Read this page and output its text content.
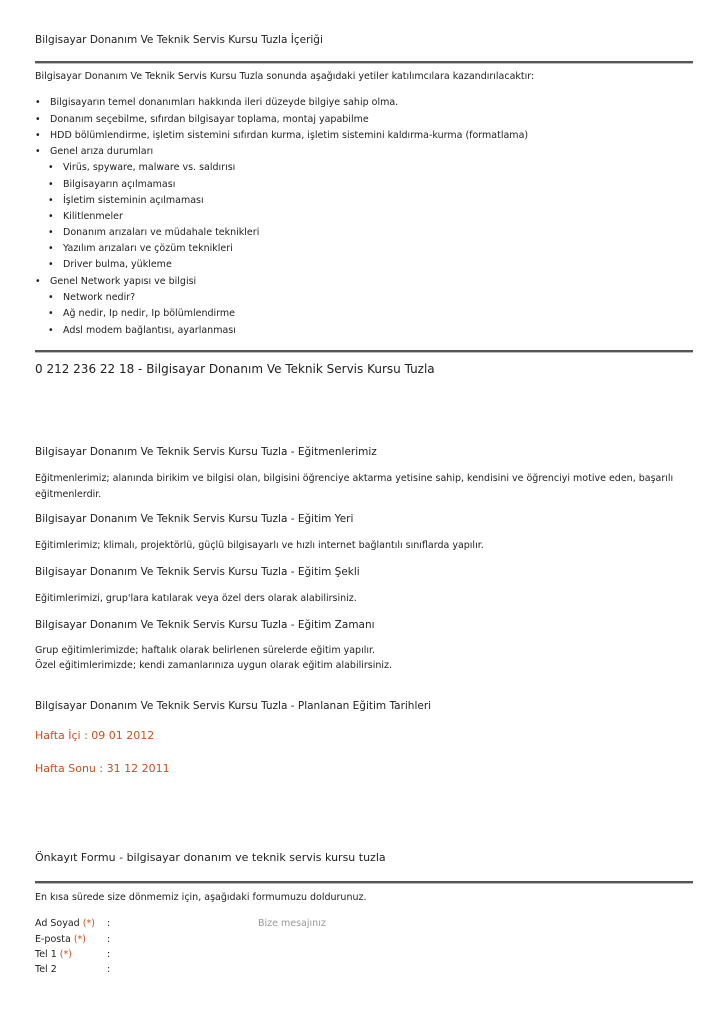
Bilgisayar Donanım Ve Teknik Servis Kursu Tuzla İçeriği
Bilgisayar Donanım Ve Teknik Servis Kursu Tuzla sonunda aşağıdaki yetiler katılımcılara kazandırılacaktır:
• Bilgisayarın temel donanımları hakkında ileri düzeyde bilgiye sahip olma.
• Donanım seçebilme, sıfırdan bilgisayar toplama, montaj yapabilme
• HDD bölümlendirme, işletim sistemini sıfırdan kurma, işletim sistemini kaldırma-kurma (formatlama)
• Genel arıza durumları
• Virüs, spyware, malware vs. saldırısı
• Bilgisayarın açılmaması
• İşletim sisteminin açılmaması
• Kilitlenmeler
• Donanım arızaları ve müdahale teknikleri
• Yazılım arızaları ve çözüm teknikleri
• Driver bulma, yükleme
• Genel Network yapısı ve bilgisi
• Network nedir?
• Ağ nedir, Ip nedir, Ip bölümlendirme
• Adsl modem bağlantısı, ayarlanması
0 212 236 22 18 - Bilgisayar Donanım Ve Teknik Servis Kursu Tuzla
Bilgisayar Donanım Ve Teknik Servis Kursu Tuzla - Eğitmenlerimiz
Eğitmenlerimiz; alanında birikim ve bilgisi olan, bilgisini öğrenciye aktarma yetisine sahip, kendisini ve öğrenciyi motive eden, başarılı eğitmenlerdir.
Bilgisayar Donanım Ve Teknik Servis Kursu Tuzla - Eğitim Yeri
Eğitimlerimiz; klimalı, projektörlü, güçlü bilgisayarlı ve hızlı internet bağlantılı sınıflarda yapılır.
Bilgisayar Donanım Ve Teknik Servis Kursu Tuzla - Eğitim Şekli
Eğitimlerimizi, grup'lara katılarak veya özel ders olarak alabilirsiniz.
Bilgisayar Donanım Ve Teknik Servis Kursu Tuzla - Eğitim Zamanı
Grup eğitimlerimizde; haftalık olarak belirlenen sürelerde eğitim yapılır.
Özel eğitimlerimizde; kendi zamanlarınıza uygun olarak eğitim alabilirsiniz.
Bilgisayar Donanım Ve Teknik Servis Kursu Tuzla - Planlanan Eğitim Tarihleri
Hafta İçi : 09 01 2012
Hafta Sonu : 31 12 2011
Önkayıt Formu - bilgisayar donanım ve teknik servis kursu tuzla
En kısa sürede size dönmemiz için, aşağıdaki formumuzu doldurunuz.
Ad Soyad (*) :
E-posta (*) :
Tel 1 (*)	:
Tel 2	:
Bize mesajınız
